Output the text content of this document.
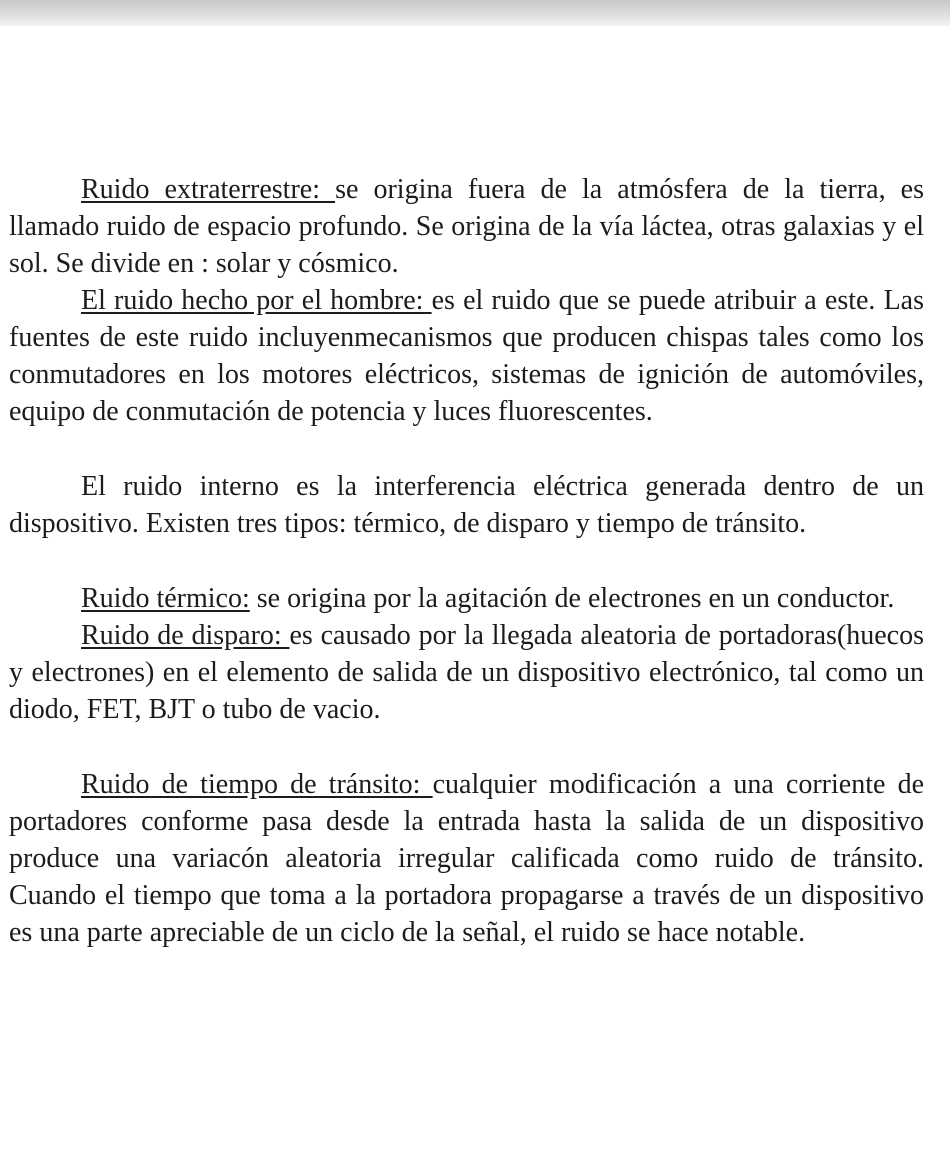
Ruido extraterrestre: se origina fuera de la atmósfera de la tierra, es llamado ruido de espacio profundo. Se origina de la vía láctea, otras galaxias y el sol. Se divide en : solar y cósmico.

El ruido hecho por el hombre: es el ruido que se puede atribuir a este. Las fuentes de este ruido incluyenmecanismos que producen chispas tales como los conmutadores en los motores eléctricos, sistemas de ignición de automóviles, equipo de conmutación de potencia y luces fluorescentes.

El ruido interno es la interferencia eléctrica generada dentro de un dispositivo. Existen tres tipos: térmico, de disparo y tiempo de tránsito.

Ruido térmico: se origina por la agitación de electrones en un conductor.

Ruido de disparo: es causado por la llegada aleatoria de portadoras(huecos y electrones) en el elemento de salida de un dispositivo electrónico, tal como un diodo, FET, BJT o tubo de vacio.

Ruido de tiempo de tránsito: cualquier modificación a una corriente de portadores conforme pasa desde la entrada hasta la salida de un dispositivo produce una variacón aleatoria irregular calificada como ruido de tránsito. Cuando el tiempo que toma a la portadora propagarse a través de un dispositivo es una parte apreciable de un ciclo de la señal, el ruido se hace notable.
